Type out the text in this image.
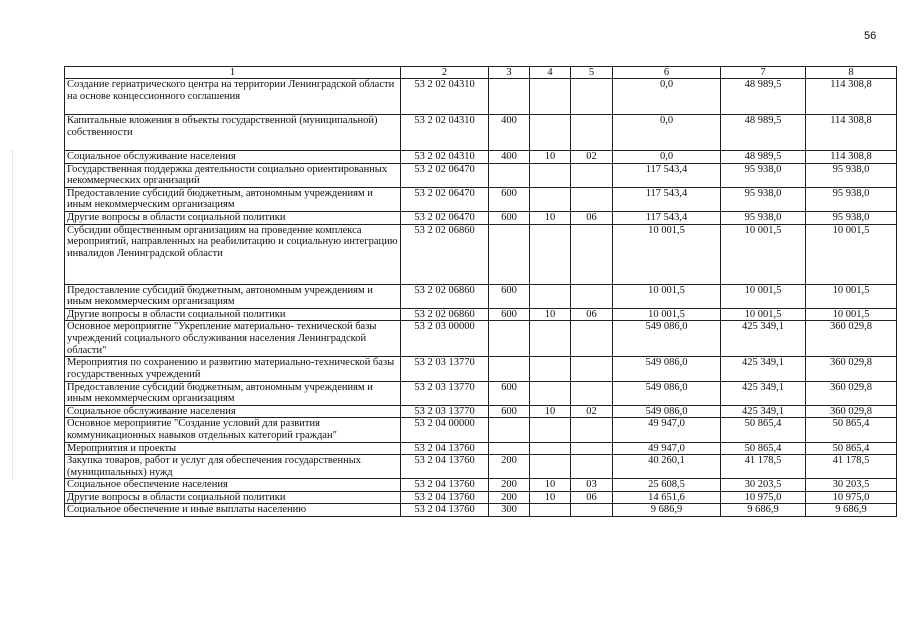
56
1	2	3	4	5	6	7	8
Создание гериатрического центра на территории Ленинградской области на основе концессионного соглашения	53 2 02 04310				0,0	48 989,5	114 308,8
Капитальные вложения в объекты государственной (муниципальной) собственности	53 2 02 04310	400			0,0	48 989,5	114 308,8
Социальное обслуживание населения	53 2 02 04310	400	10	02	0,0	48 989,5	114 308,8
Государственная поддержка деятельности социально ориентированных некоммерческих организаций	53 2 02 06470				117 543,4	95 938,0	95 938,0
Предоставление субсидий бюджетным, автономным учреждениям и иным некоммерческим организациям	53 2 02 06470	600			117 543,4	95 938,0	95 938,0
Другие вопросы в области социальной политики	53 2 02 06470	600	10	06	117 543,4	95 938,0	95 938,0
Субсидии общественным организациям на проведение комплекса мероприятий, направленных на реабилитацию и социальную интеграцию инвалидов Ленинградской области	53 2 02 06860				10 001,5	10 001,5	10 001,5
Предоставление субсидий бюджетным, автономным учреждениям и иным некоммерческим организациям	53 2 02 06860	600			10 001,5	10 001,5	10 001,5
Другие вопросы в области социальной политики	53 2 02 06860	600	10	06	10 001,5	10 001,5	10 001,5
Основное мероприятие "Укрепление материально- технической базы учреждений социального обслуживания населения Ленинградской области"	53 2 03 00000				549 086,0	425 349,1	360 029,8
Мероприятия по сохранению и развитию материально-технической базы государственных учреждений	53 2 03 13770				549 086,0	425 349,1	360 029,8
Предоставление субсидий бюджетным, автономным учреждениям и иным некоммерческим организациям	53 2 03 13770	600			549 086,0	425 349,1	360 029,8
Социальное обслуживание населения	53 2 03 13770	600	10	02	549 086,0	425 349,1	360 029,8
Основное мероприятие "Создание условий для развития коммуникационных навыков отдельных категорий граждан"	53 2 04 00000				49 947,0	50 865,4	50 865,4
Мероприятия и проекты	53 2 04 13760				49 947,0	50 865,4	50 865,4
Закупка товаров, работ и услуг для обеспечения государственных (муниципальных) нужд	53 2 04 13760	200			40 260,1	41 178,5	41 178,5
Социальное обеспечение населения	53 2 04 13760	200	10	03	25 608,5	30 203,5	30 203,5
Другие вопросы в области социальной политики	53 2 04 13760	200	10	06	14 651,6	10 975,0	10 975,0
Социальное обеспечение и иные выплаты населению	53 2 04 13760	300			9 686,9	9 686,9	9 686,9
